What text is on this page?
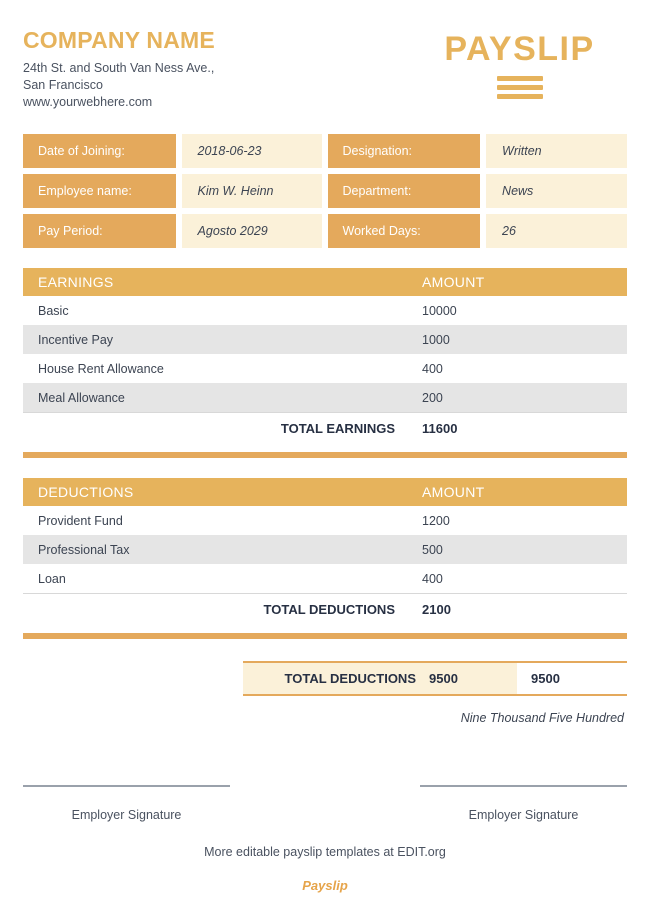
COMPANY NAME
24th St. and South Van Ness Ave.,
San Francisco
www.yourwebhere.com
PAYSLIP
Date of Joining:	2018-06-23	Designation:	Written
Employee name:	Kim W. Heinn	Department:	News
Pay Period:	Agosto 2029	Worked Days:	26
EARNINGS	AMOUNT
Basic	10000
Incentive Pay	1000
House Rent Allowance	400
Meal Allowance	200
TOTAL EARNINGS	11600
DEDUCTIONS	AMOUNT
Provident Fund	1200
Professional Tax	500
Loan	400
TOTAL DEDUCTIONS	2100
TOTAL DEDUCTIONS	9500	9500
Nine Thousand Five Hundred
Employer Signature	Employer Signature
More editable payslip templates at EDIT.org
Payslip
